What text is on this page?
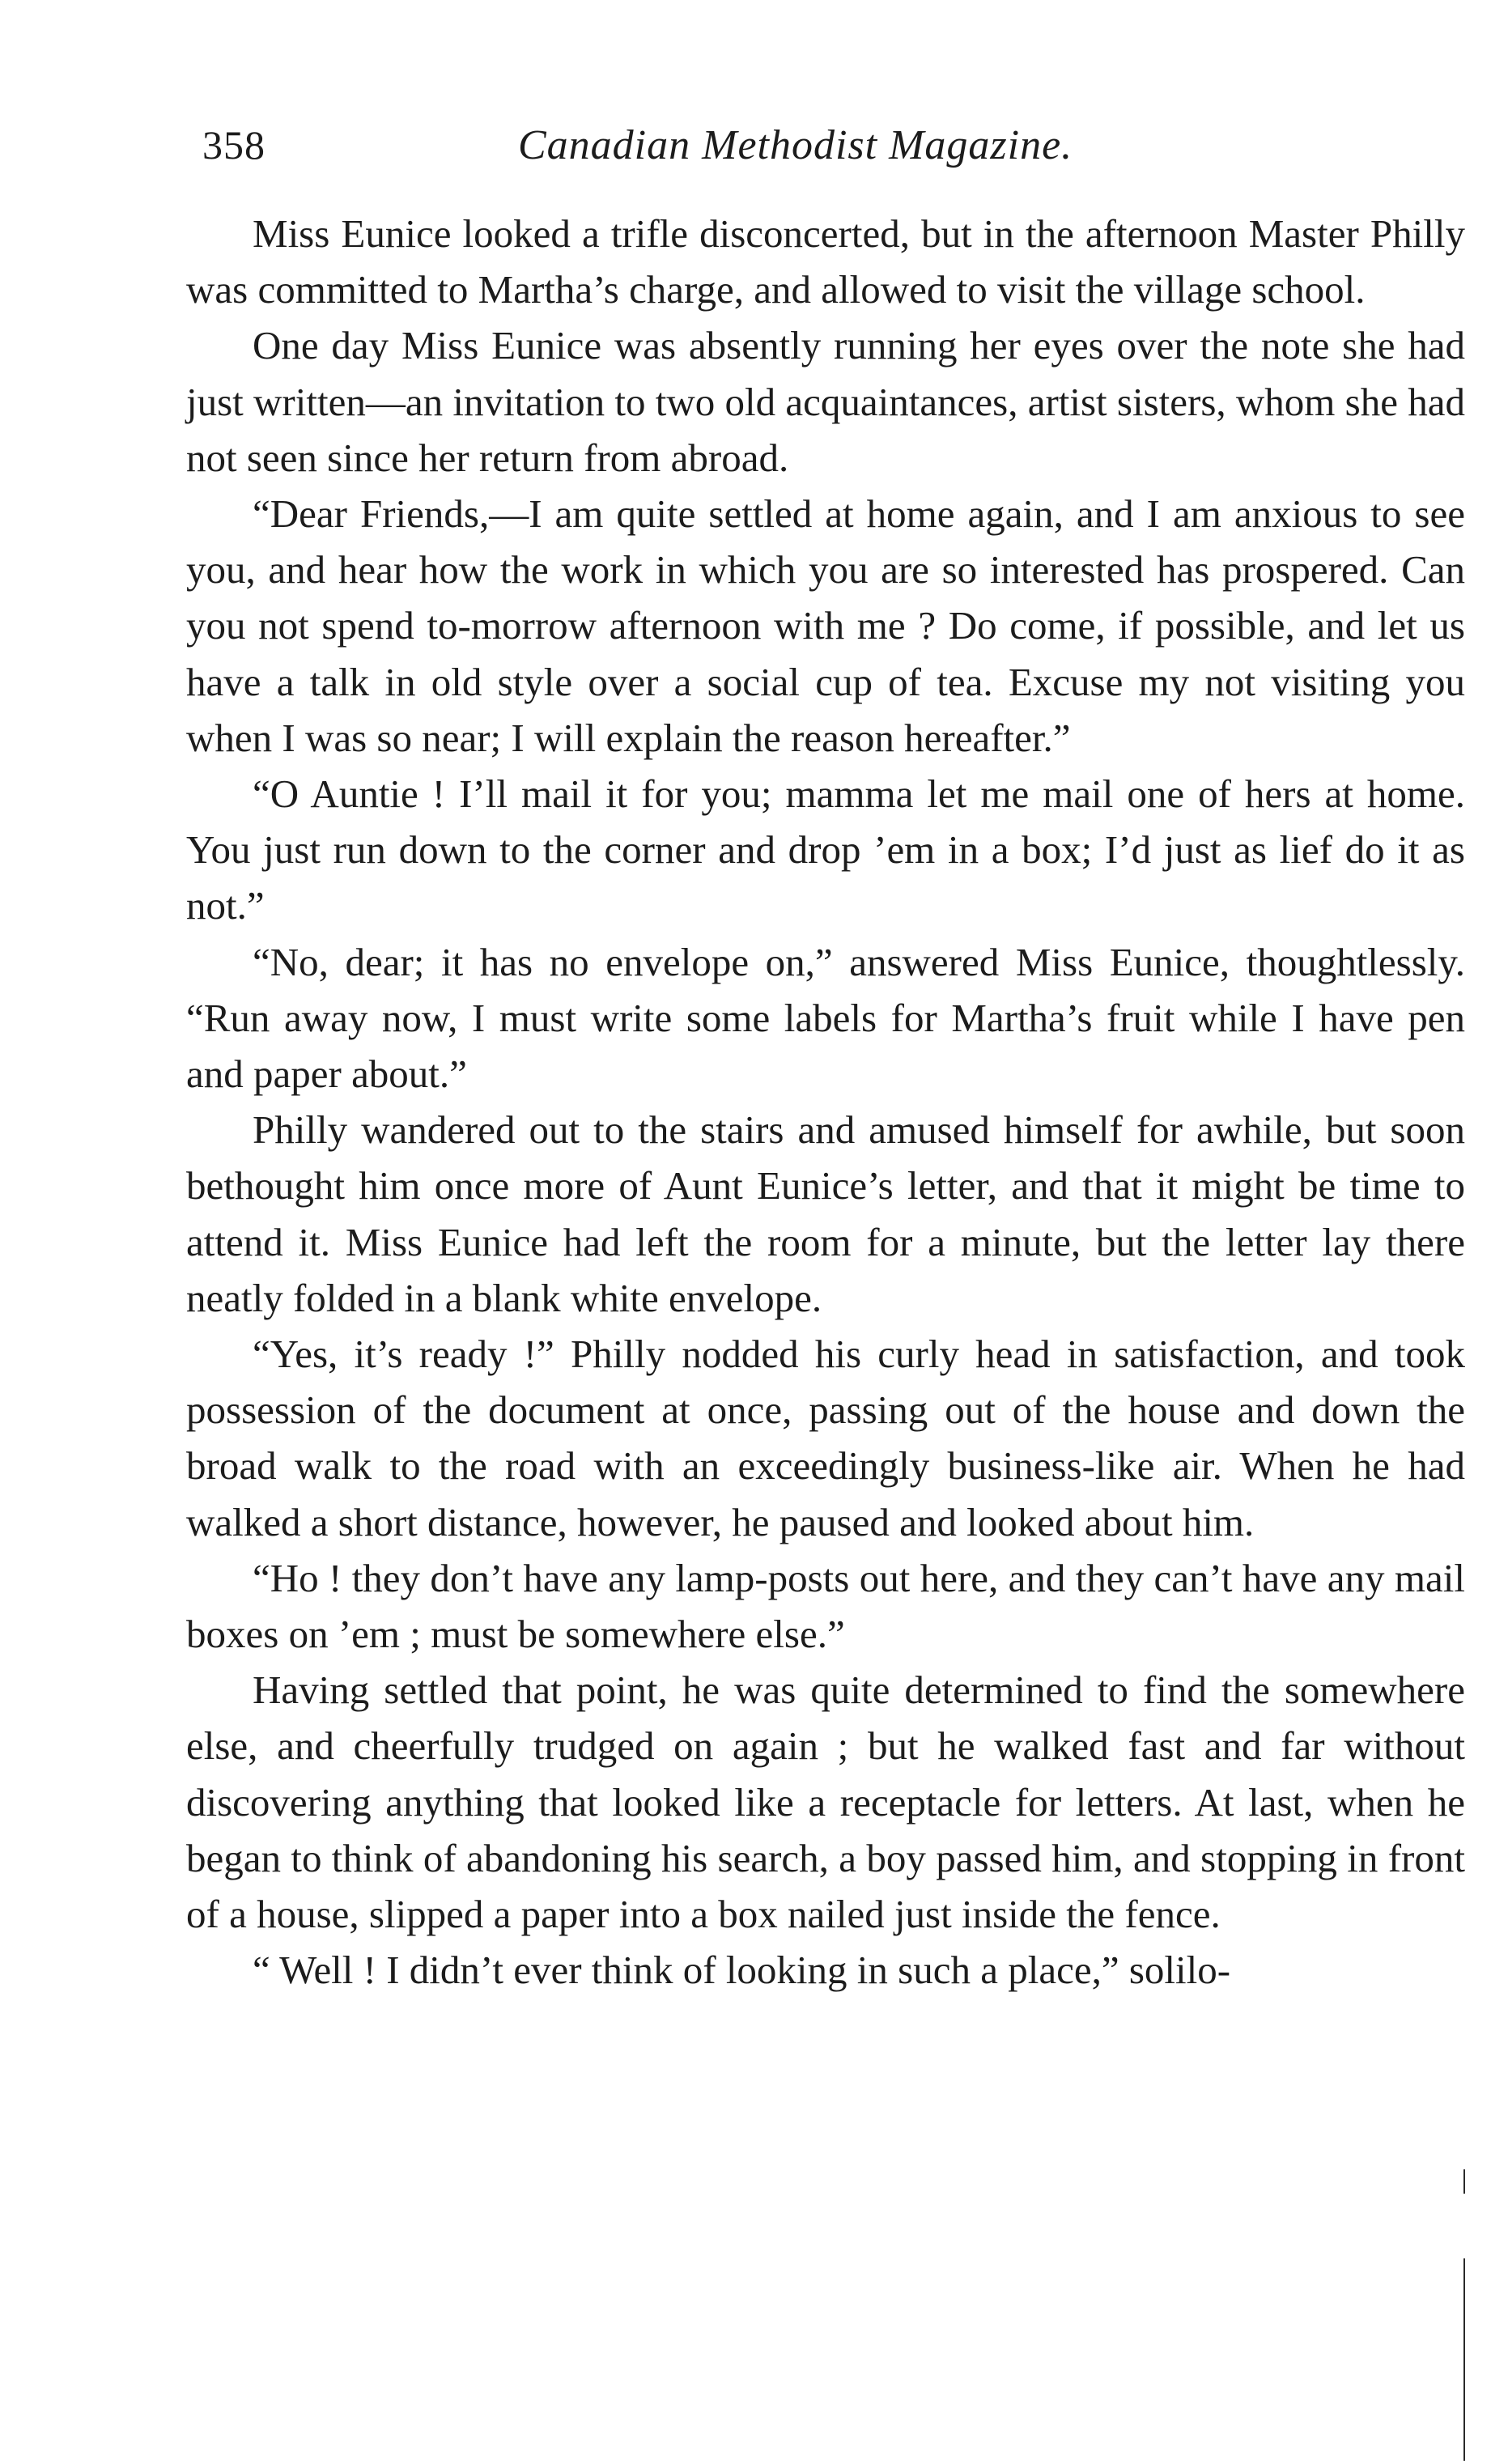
358	Canadian Methodist Magazine.

Miss Eunice looked a trifle disconcerted, but in the afternoon Master Philly was committed to Martha’s charge, and allowed to visit the village school.

One day Miss Eunice was absently running her eyes over the note she had just written—an invitation to two old acquaintances, artist sisters, whom she had not seen since her return from abroad.

“Dear Friends,—I am quite settled at home again, and I am anxious to see you, and hear how the work in which you are so interested has prospered. Can you not spend to-morrow afternoon with me ? Do come, if possible, and let us have a talk in old style over a social cup of tea. Excuse my not visiting you when I was so near; I will explain the reason hereafter.”

“O Auntie ! I’ll mail it for you; mamma let me mail one of hers at home. You just run down to the corner and drop ’em in a box; I’d just as lief do it as not.”

“No, dear; it has no envelope on,” answered Miss Eunice, thoughtlessly. “Run away now, I must write some labels for Martha’s fruit while I have pen and paper about.”

Philly wandered out to the stairs and amused himself for awhile, but soon bethought him once more of Aunt Eunice’s letter, and that it might be time to attend it. Miss Eunice had left the room for a minute, but the letter lay there neatly folded in a blank white envelope.

“Yes, it’s ready !” Philly nodded his curly head in satisfaction, and took possession of the document at once, passing out of the house and down the broad walk to the road with an exceedingly business-like air. When he had walked a short distance, however, he paused and looked about him.

“Ho ! they don’t have any lamp-posts out here, and they can’t have any mail boxes on ’em ; must be somewhere else.”

Having settled that point, he was quite determined to find the somewhere else, and cheerfully trudged on again ; but he walked fast and far without discovering anything that looked like a receptacle for letters. At last, when he began to think of abandoning his search, a boy passed him, and stopping in front of a house, slipped a paper into a box nailed just inside the fence.

“ Well ! I didn’t ever think of looking in such a place,” solilo-
